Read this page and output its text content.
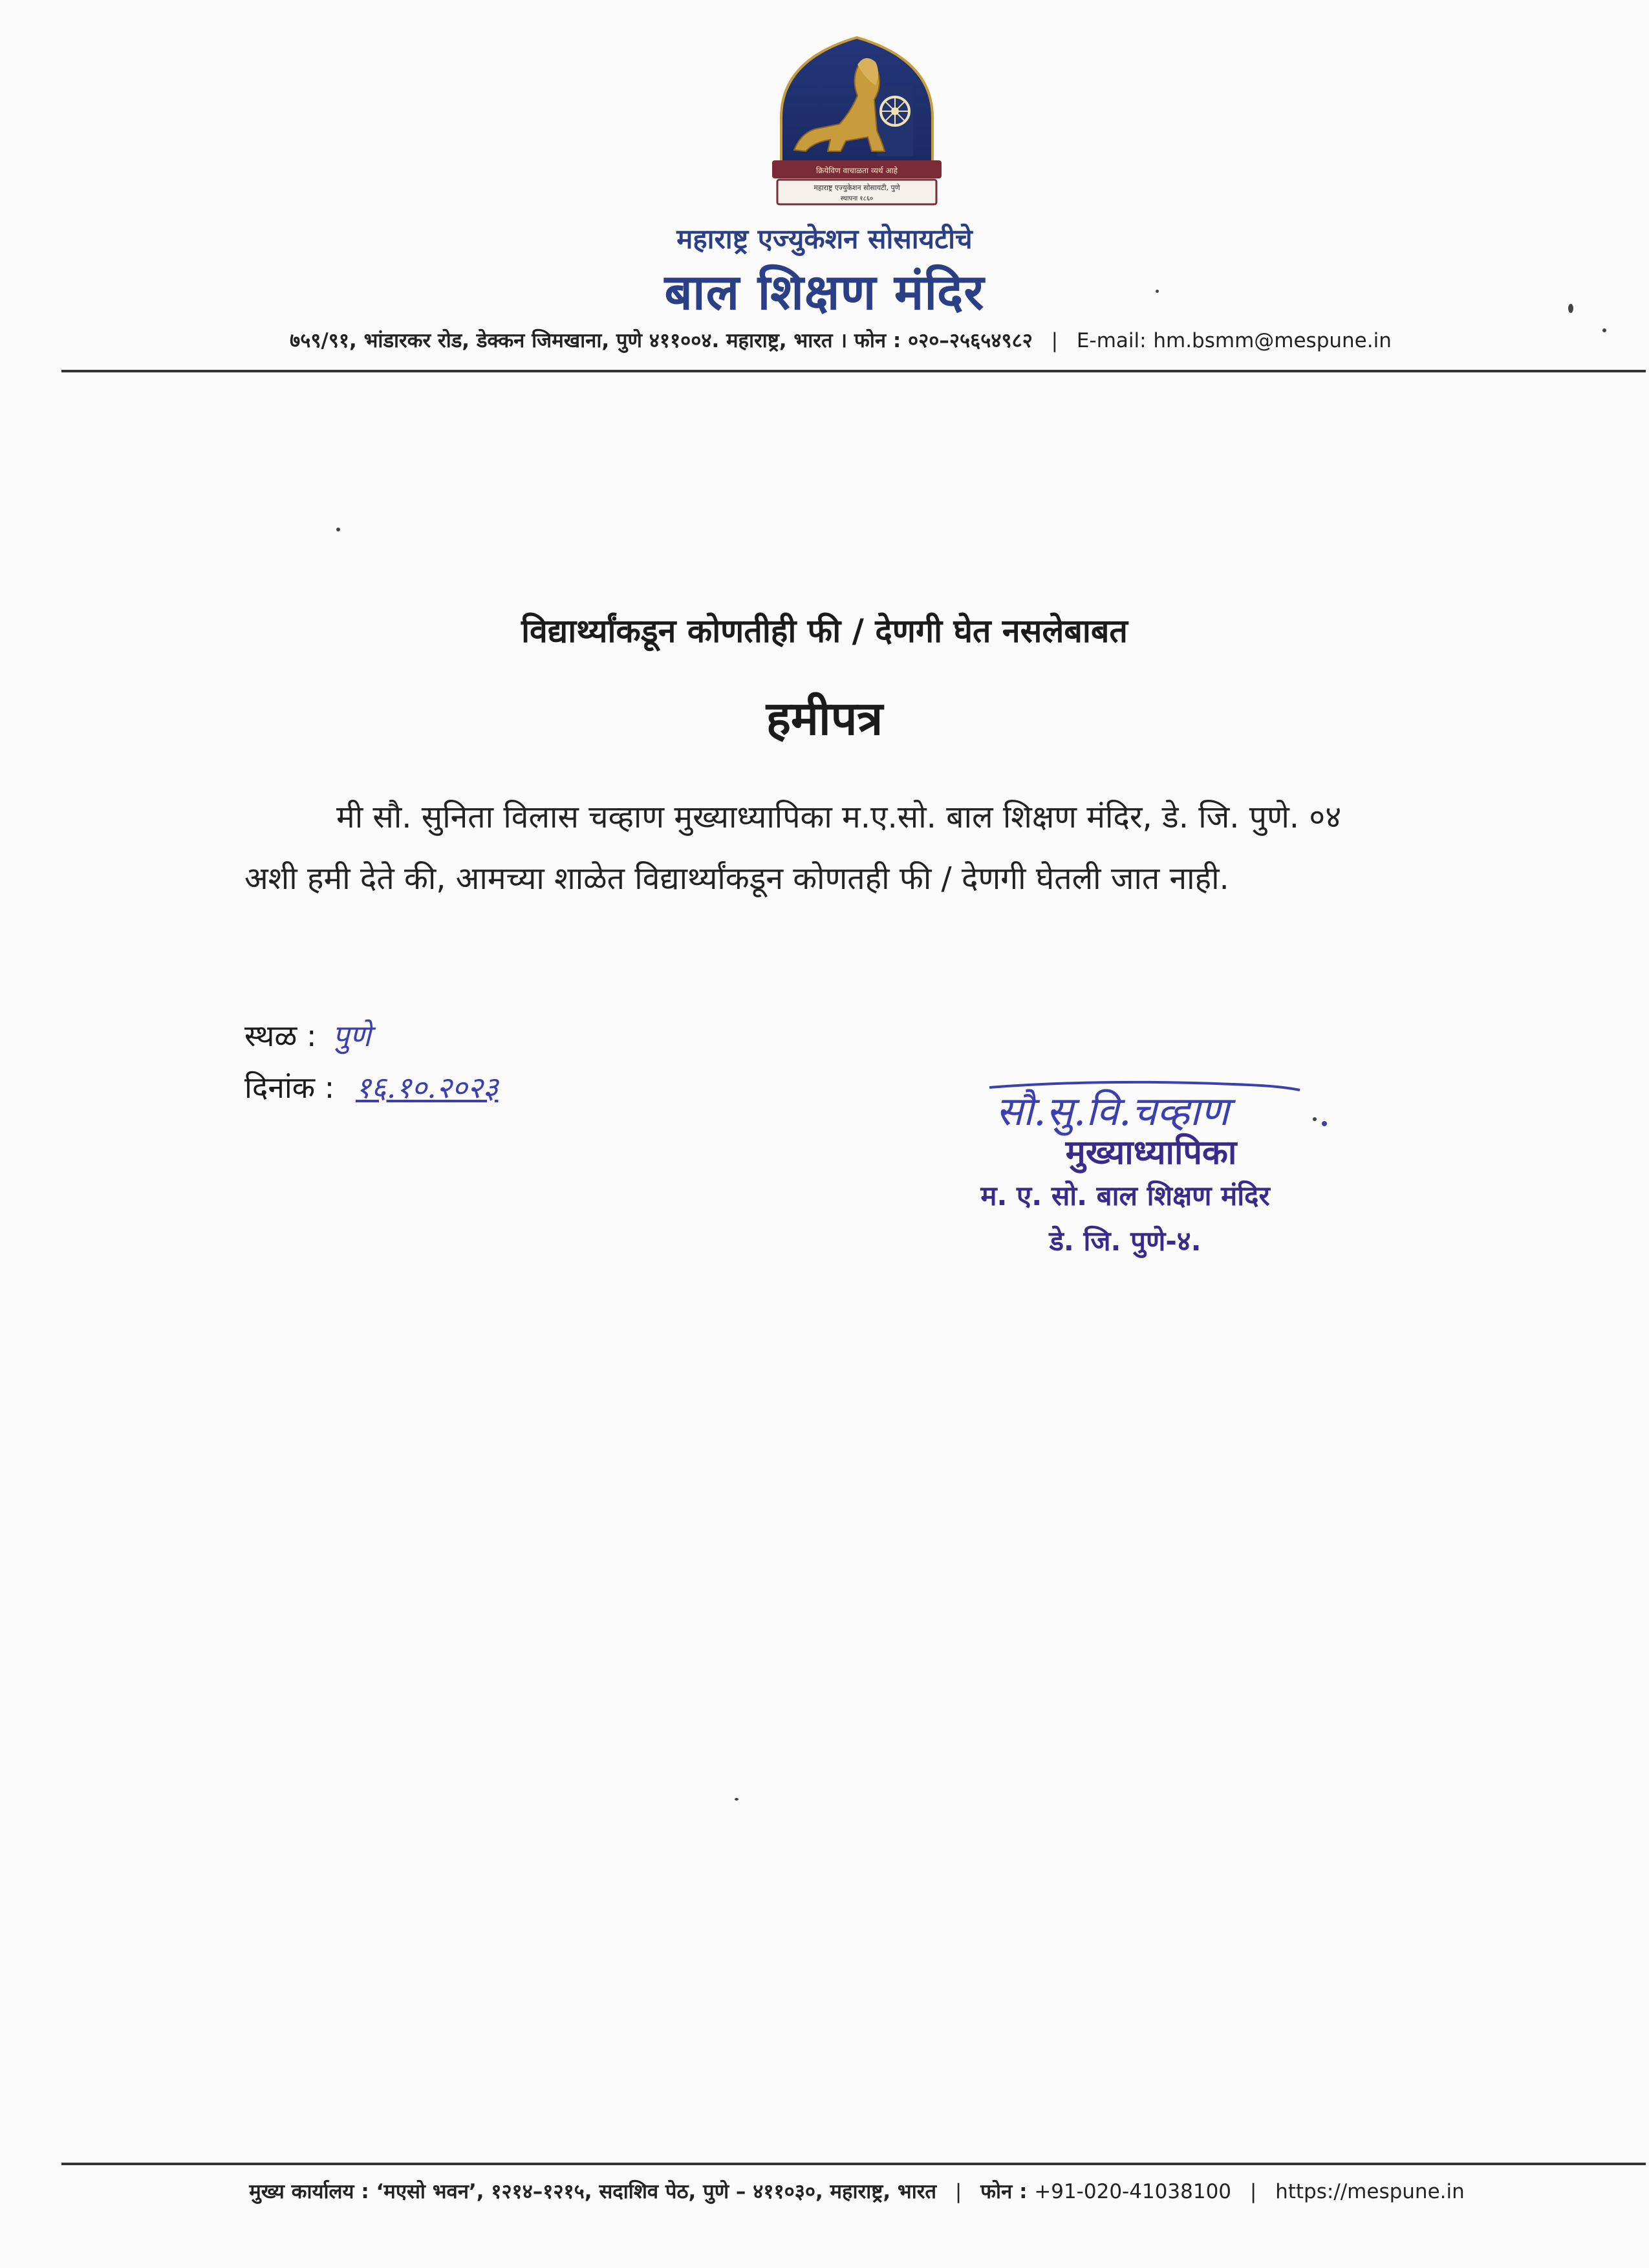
क्रियेविण वाचाळता व्यर्थ आहे
महाराष्ट्र एज्युकेशन सोसायटी, पुणे
स्थापना १८६०
महाराष्ट्र एज्युकेशन सोसायटीचे
बाल शिक्षण मंदिर
७५९/९१, भांडारकर रोड, डेक्कन जिमखाना, पुणे ४११००४. महाराष्ट्र, भारत । फोन : ०२०–२५६५४९८२ | E-mail: hm.bsmm@mespune.in
विद्यार्थ्यांकडून कोणतीही फी / देणगी घेत नसलेबाबत
हमीपत्र
मी सौ. सुनिता विलास चव्हाण मुख्याध्यापिका म.ए.सो. बाल शिक्षण मंदिर, डे. जि. पुणे. ०४
अशी हमी देते की, आमच्या शाळेत विद्यार्थ्यांकडून कोणतही फी / देणगी घेतली जात नाही.
स्थळ : पुणे
दिनांक : १६.१०.२०२३	सौ.सु.वि.चव्हाण
मुख्याध्यापिका
म. ए. सो. बाल शिक्षण मंदिर
डे. जि. पुणे-४.
मुख्य कार्यालय : ‘मएसो भवन’, १२१४–१२१५, सदाशिव पेठ, पुणे – ४११०३०, महाराष्ट्र, भारत | फोन : +91-020-41038100 | https://mespune.in
